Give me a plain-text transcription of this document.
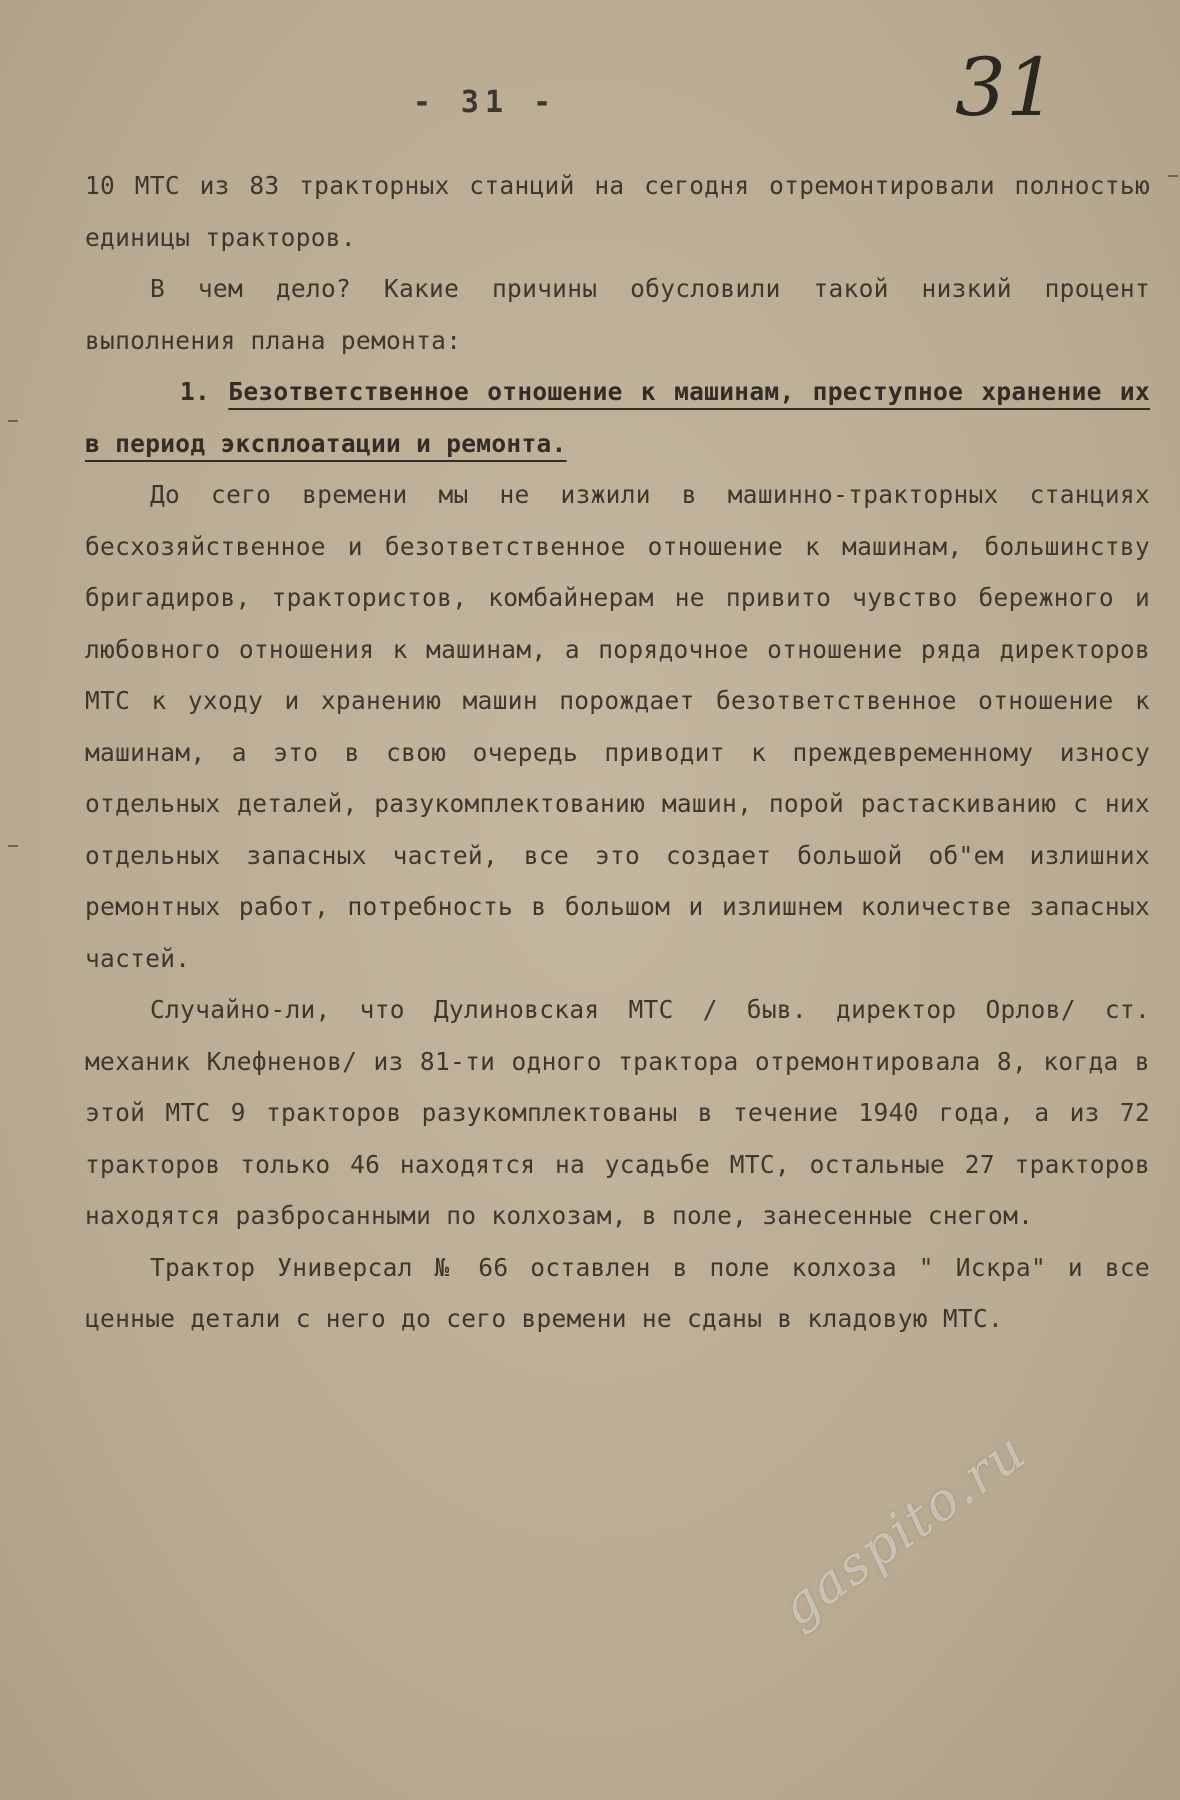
31
- 31 -

10 МТС из 83 тракторных станций на сегодня отремонтировали полностью единицы тракторов.

В чем дело? Какие причины обусловили такой низкий процент выполнения плана ремонта:

1. Безответственное отношение к машинам, преступное хранение их в период эксплоатации и ремонта.

До сего времени мы не изжили в машинно-тракторных станциях бесхозяйственное и безответственное отношение к машинам, большинству бригадиров, трактористов, комбайнерам не привито чувство бережного и любовного отношения к машинам, а порядочное отношение ряда директоров МТС к уходу и хранению машин порождает безответственное отношение к машинам, а это в свою очередь приводит к преждевременному износу отдельных деталей, разукомплектованию машин, порой растаскиванию с них отдельных запасных частей, все это создает большой об"ем излишних ремонтных работ, потребность в большом и излишнем количестве запасных частей.

Случайно-ли, что Дулиновская МТС / быв. директор Орлов/ ст. механик Клефненов/ из 81-ти одного трактора отремонтировала 8, когда в этой МТС 9 тракторов разукомплектованы в течение 1940 года, а из 72 тракторов только 46 находятся на усадьбе МТС, остальные 27 тракторов находятся разбросанными по колхозам, в поле, занесенные снегом.

Трактор Универсал № 66 оставлен в поле колхоза " Искра" и все ценные детали с него до сего времени не сданы в кладовую МТС.

gaspito.ru
